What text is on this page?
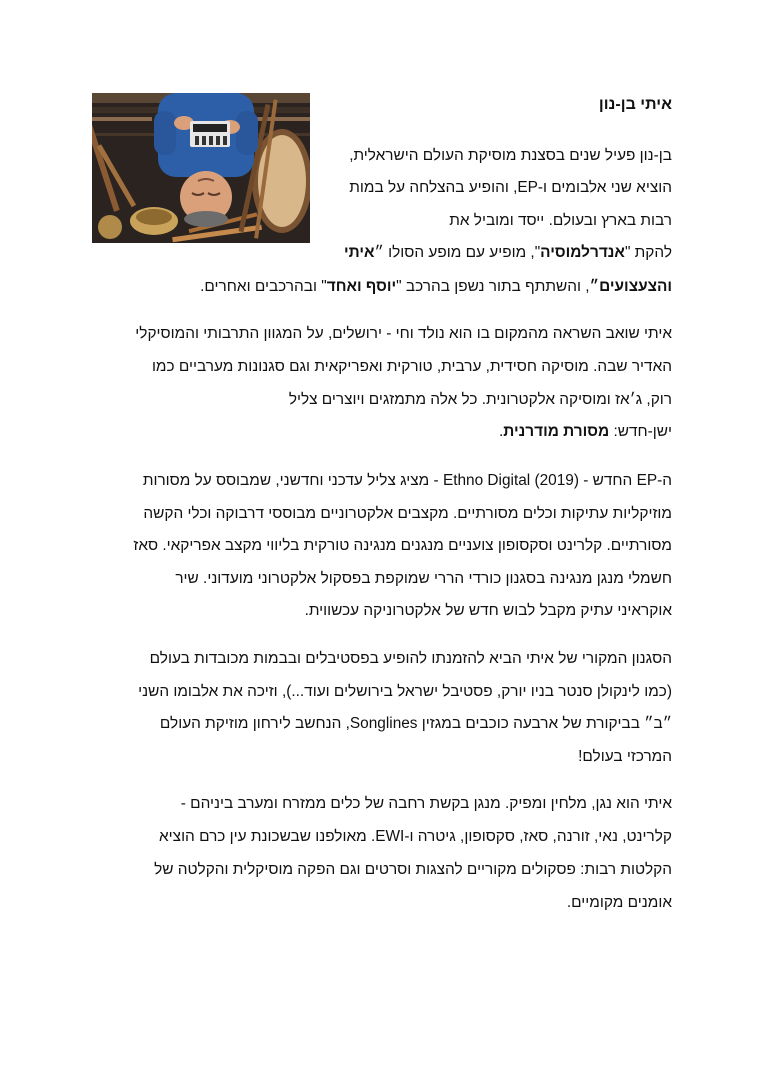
איתי בן-נון

בן-נון פעיל שנים בסצנת מוסיקת העולם הישראלית,

הוציא שני אלבומים ו-EP, והופיע בהצלחה על במות

רבות בארץ ובעולם. ייסד ומוביל את

להקת "אנדרלמוסיה", מופיע עם מופע הסולו ״איתי

והצעצועים״, והשתתף בתור נשפן בהרכב "יוסף ואחד" ובהרכבים ואחרים.

איתי שואב השראה מהמקום בו הוא נולד וחי - ירושלים, על המגוון התרבותי והמוסיקלי

האדיר שבה. מוסיקה חסידית, ערבית, טורקית ואפריקאית וגם סגנונות מערביים כמו

רוק, ג׳אז ומוסיקה אלקטרונית. כל אלה מתמזגים ויוצרים צליל

ישן-חדש: מסורת מודרנית.

ה-EP החדש - Ethno Digital (2019) - מציג צליל עדכני וחדשני, שמבוסס על מסורות

מוזיקליות עתיקות וכלים מסורתיים. מקצבים אלקטרוניים מבוססי דרבוקה וכלי הקשה

מסורתיים. קלרינט וסקסופון צועניים מנגנים מנגינה טורקית בליווי מקצב אפריקאי. סאז

חשמלי מנגן מנגינה בסגנון כורדי הררי שמוקפת בפסקול אלקטרוני מועדוני. שיר

אוקראיני עתיק מקבל לבוש חדש של אלקטרוניקה עכשווית.

הסגנון המקורי של איתי הביא להזמנתו להופיע בפסטיבלים ובבמות מכובדות בעולם

(כמו לינקולן סנטר בניו יורק, פסטיבל ישראל בירושלים ועוד...), וזיכה את אלבומו השני

״ב״ בביקורת של ארבעה כוכבים במגזין Songlines, הנחשב לירחון מוזיקת העולם

המרכזי בעולם!

איתי הוא נגן, מלחין ומפיק. מנגן בקשת רחבה של כלים ממזרח ומערב ביניהם -

קלרינט, נאי, זורנה, סאז, סקסופון, גיטרה ו-EWI. מאולפנו שבשכונת עין כרם הוציא

הקלטות רבות: פסקולים מקוריים להצגות וסרטים וגם הפקה מוסיקלית והקלטה של

אומנים מקומיים.
